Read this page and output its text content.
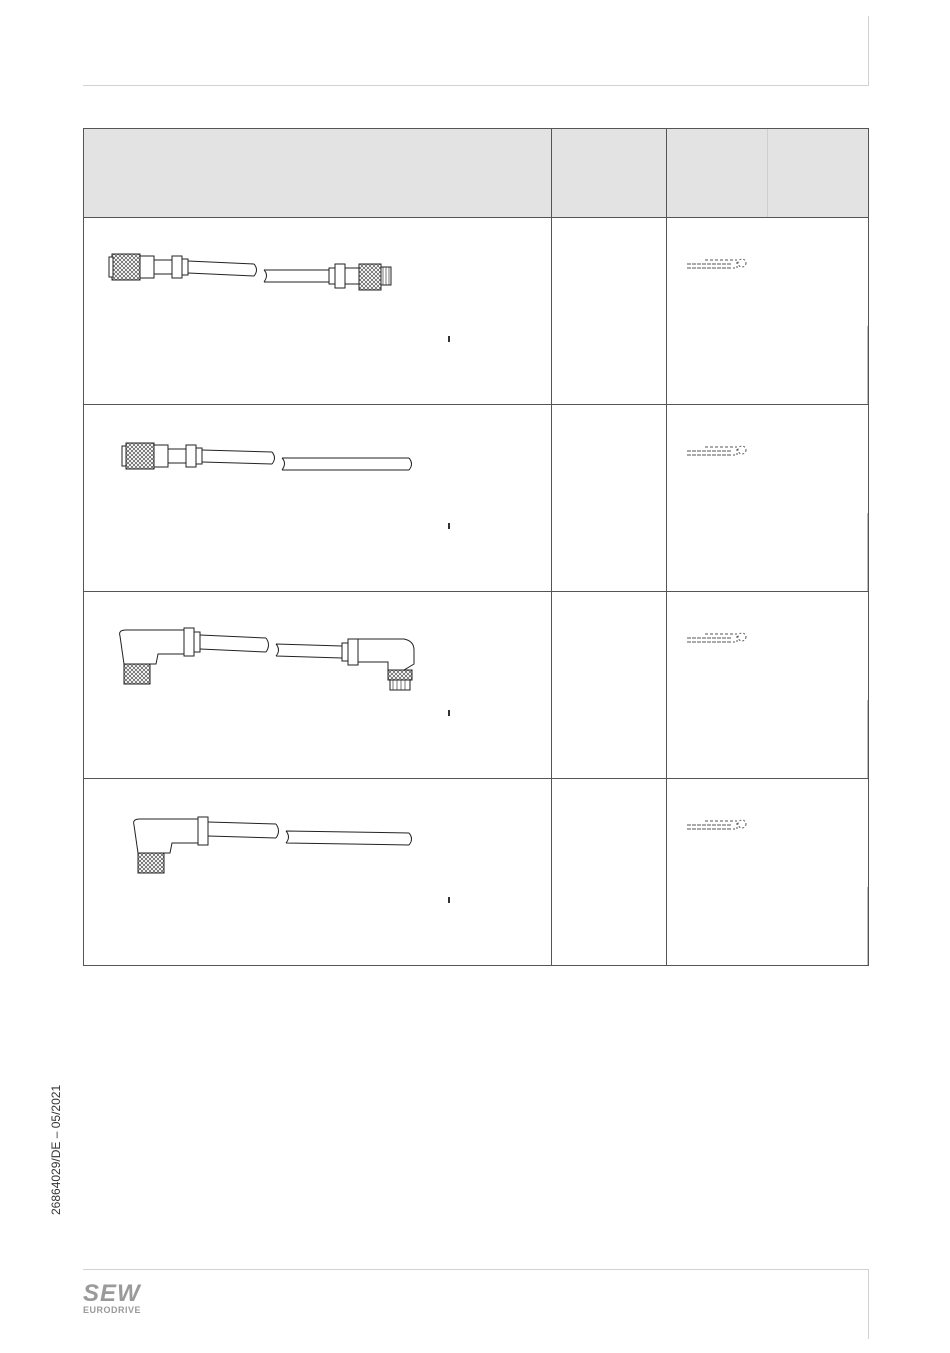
26864029/DE – 05/2021
SEW
EURODRIVE
